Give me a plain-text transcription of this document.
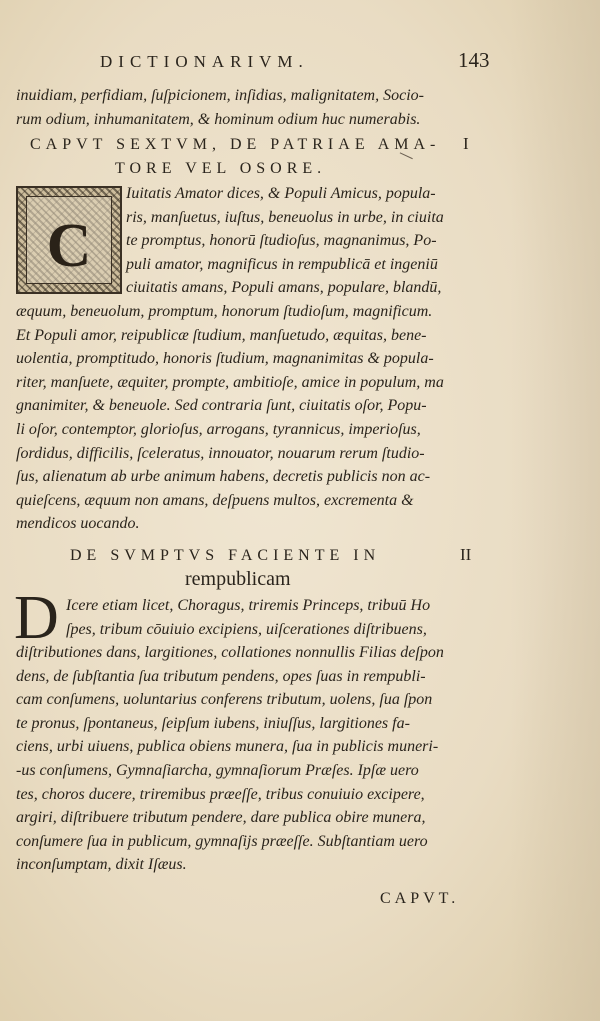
DICTIONARIVM.	143
inuidiam, perfidiam, ſuſpicionem, inſidias, malignitatem, Socio-
rum odium, inhumanitatem, & hominum odium huc numerabis.
CAPVT SEXTVM, DE PATRIAE AMA- I
TORE VEL OSORE.
C
Iuitatis Amator dices, & Populi Amicus, popula-
ris, manſuetus, iuſtus, beneuolus in urbe, in ciuita
te promptus, honorū ſtudioſus, magnanimus, Po-
puli amator, magnificus in rempublicā et ingeniū
ciuitatis amans, Populi amans, populare, blandū,
æquum, beneuolum, promptum, honorum ſtudioſum, magnificum.
Et Populi amor, reipublicæ ſtudium, manſuetudo, æquitas, bene-
uolentia, promptitudo, honoris ſtudium, magnanimitas & popula-
riter, manſuete, æquiter, prompte, ambitioſe, amice in populum, ma
gnanimiter, & beneuole. Sed contraria ſunt, ciuitatis oſor, Popu-
li oſor, contemptor, glorioſus, arrogans, tyrannicus, imperioſus,
ſordidus, difficilis, ſceleratus, innouator, nouarum rerum ſtudio-
ſus, alienatum ab urbe animum habens, decretis publicis non ac-
quieſcens, æquum non amans, deſpuens multos, excrementa &
mendicos uocando.
DE SVMPTVS FACIENTE IN	II
rempublicam
D Icere etiam licet, Choragus, triremis Princeps, tribuū Ho
ſpes, tribum cōuiuio excipiens, uiſcerationes diſtribuens,
diſtributiones dans, largitiones, collationes nonnullis Filias deſpon
dens, de ſubſtantia ſua tributum pendens, opes ſuas in rempubli-
cam conſumens, uoluntarius conferens tributum, uolens, ſua ſpon
te pronus, ſpontaneus, ſeipſum iubens, iniuſſus, largitiones fa-
ciens, urbi uiuens, publica obiens munera, ſua in publicis muneri-
-us conſumens, Gymnaſiarcha, gymnaſiorum Præſes. Ipſæ uero
tes, choros ducere, triremibus præeſſe, tribus conuiuio excipere,
argiri, diſtribuere tributum pendere, dare publica obire munera,
conſumere ſua in publicum, gymnaſijs præeſſe. Subſtantiam uero
inconſumptam, dixit Iſæus.
CAPVT.
